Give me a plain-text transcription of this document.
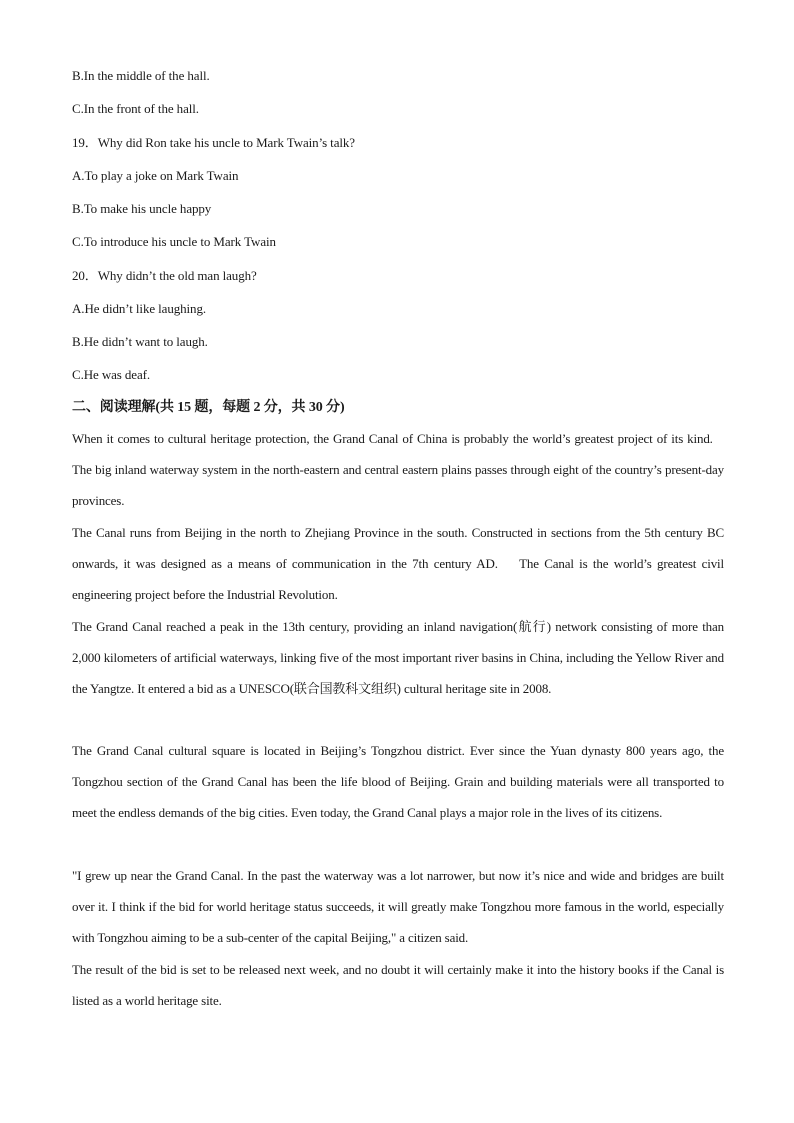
B.In the middle of the hall.
C.In the front of the hall.
19．Why did Ron take his uncle to Mark Twain’s talk?
A.To play a joke on Mark Twain
B.To make his uncle happy
C.To introduce his uncle to Mark Twain
20．Why didn’t the old man laugh?
A.He didn’t like laughing.
B.He didn’t want to laugh.
C.He was deaf.
二、阅读理解(共 15 题，每题 2 分，共 30 分)
When it comes to cultural heritage protection, the Grand Canal of China is probably the world’s greatest project of its kind.    The big inland waterway system in the north-eastern and central eastern plains passes through eight of the country’s present-day provinces.
The Canal runs from Beijing in the north to Zhejiang Province in the south. Constructed in sections from the 5th century BC onwards, it was designed as a means of communication in the 7th century AD.    The Canal is the world’s greatest civil engineering project before the Industrial Revolution.
The Grand Canal reached a peak in the 13th century, providing an inland navigation(航行) network consisting of more than 2,000 kilometers of artificial waterways, linking five of the most important river basins in China, including the Yellow River and the Yangtze. It entered a bid as a UNESCO(联合国教科文组织) cultural heritage site in 2008.
The Grand Canal cultural square is located in Beijing’s Tongzhou district. Ever since the Yuan dynasty 800 years ago, the Tongzhou section of the Grand Canal has been the life blood of Beijing. Grain and building materials were all transported to meet the endless demands of the big cities. Even today, the Grand Canal plays a major role in the lives of its citizens.
"I grew up near the Grand Canal. In the past the waterway was a lot narrower, but now it’s nice and wide and bridges are built over it. I think if the bid for world heritage status succeeds, it will greatly make Tongzhou more famous in the world, especially with Tongzhou aiming to be a sub-center of the capital Beijing," a citizen said.
The result of the bid is set to be released next week, and no doubt it will certainly make it into the history books if the Canal is listed as a world heritage site.
